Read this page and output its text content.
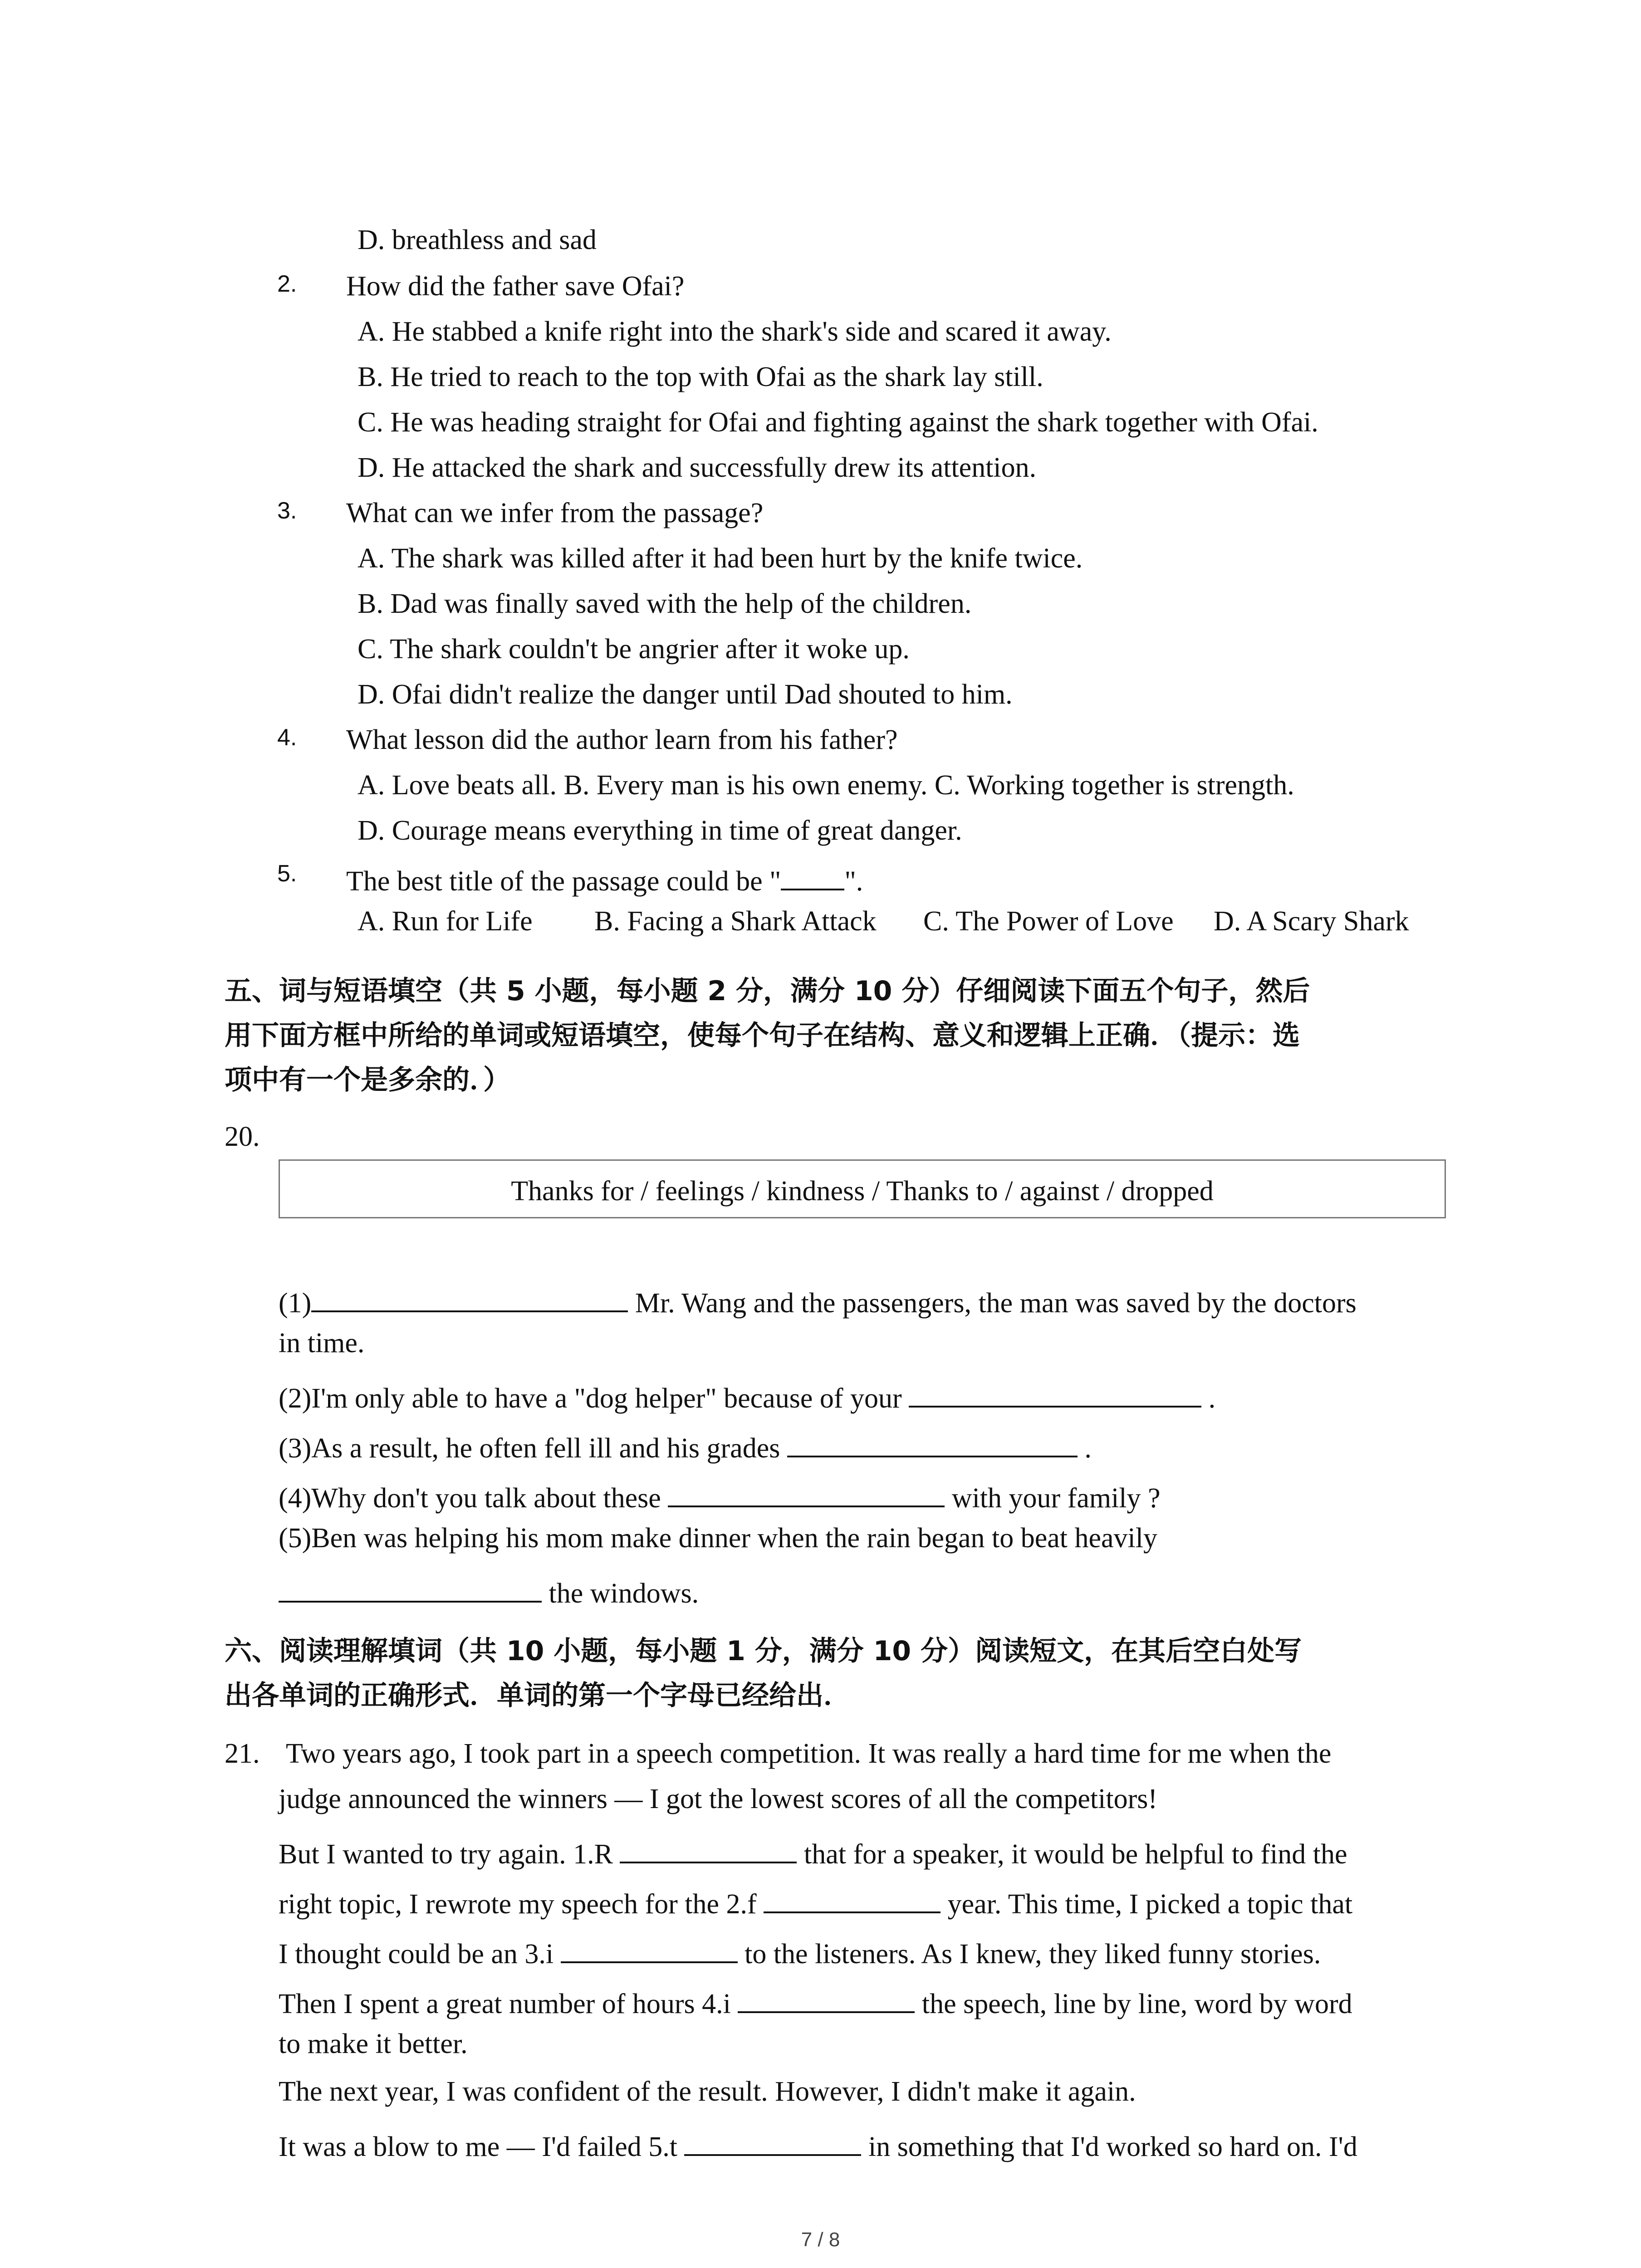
D. breathless and sad
2. How did the father save Ofai?
A. He stabbed a knife right into the shark's side and scared it away.
B. He tried to reach to the top with Ofai as the shark lay still.
C. He was heading straight for Ofai and fighting against the shark together with Ofai.
D. He attacked the shark and successfully drew its attention.
3. What can we infer from the passage?
A. The shark was killed after it had been hurt by the knife twice.
B. Dad was finally saved with the help of the children.
C. The shark couldn't be angrier after it woke up.
D. Ofai didn't realize the danger until Dad shouted to him.
4. What lesson did the author learn from his father?
A. Love beats all. B. Every man is his own enemy. C. Working together is strength.
D. Courage means everything in time of great danger.
5. The best title of the passage could be " ".
A. Run for Life B. Facing a Shark Attack C. The Power of Love D. A Scary Shark
五、词与短语填空（共 5 小题，每小题 2 分，满分 10 分）仔细阅读下面五个句子，然后
用下面方框中所给的单词或短语填空，使每个句子在结构、意义和逻辑上正确．（提示：选
项中有一个是多余的．）
20.
Thanks for / feelings / kindness / Thanks to / against / dropped
(1)	Mr. Wang and the passengers, the man was saved by the doctors
in time.
(2)I'm only able to have a "dog helper" because of your	.
(3)As a result, he often fell ill and his grades	.
(4)Why don't you talk about these	with your family ?
(5)Ben was helping his mom make dinner when the rain began to beat heavily
the windows.
六、阅读理解填词（共 10 小题，每小题 1 分，满分 10 分）阅读短文，在其后空白处写
出各单词的正确形式．单词的第一个字母已经给出．
21. Two years ago, I took part in a speech competition. It was really a hard time for me when the
judge announced the winners — I got the lowest scores of all the competitors!
But I wanted to try again. 1.R	that for a speaker, it would be helpful to find the
right topic, I rewrote my speech for the 2.f	year. This time, I picked a topic that
I thought could be an 3.i	to the listeners. As I knew, they liked funny stories.
Then I spent a great number of hours 4.i	the speech, line by line, word by word
to make it better.
The next year, I was confident of the result. However, I didn't make it again.
It was a blow to me — I'd failed 5.t	in something that I'd worked so hard on. I'd
7 / 8
